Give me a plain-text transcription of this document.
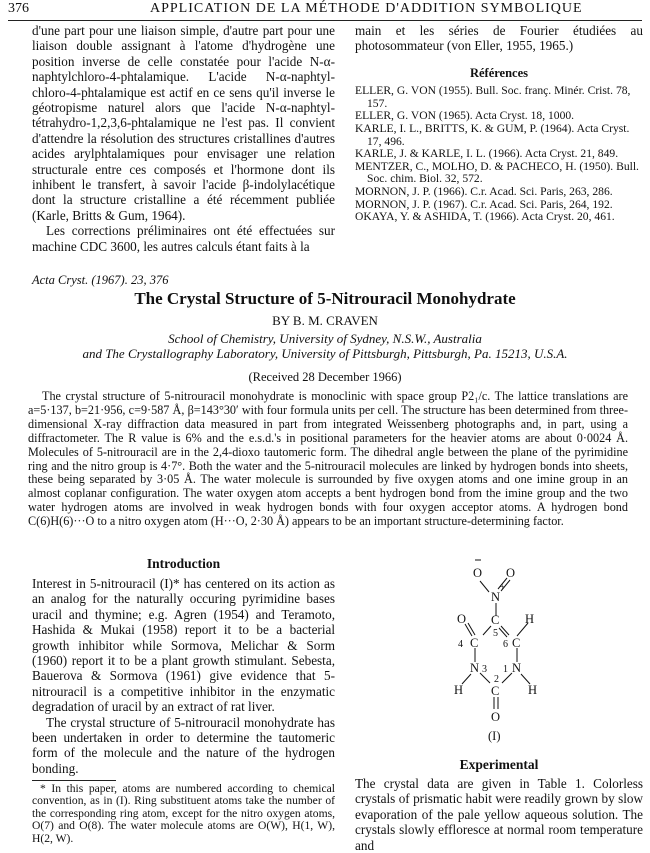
376	APPLICATION DE LA MÉTHODE D'ADDITION SYMBOLIQUE

d'une part pour une liaison simple, d'autre part pour une liaison double assignant à l'atome d'hydrogène une position inverse de celle constatée pour l'acide N-α-naphtylchloro-4-phtalamique. L'acide N-α-naphtyl-chloro-4-phtalamique est actif en ce sens qu'il inverse le géotropisme naturel alors que l'acide N-α-naphtyl-tétrahydro-1,2,3,6-phtalamique ne l'est pas. Il convient d'attendre la résolution des structures cristallines d'autres acides arylphtalamiques pour envisager une relation structurale entre ces composés et l'hormone dont ils inhibent le transfert, à savoir l'acide β-indolylacétique dont la structure cristalline a été récemment publiée (Karle, Britts & Gum, 1964).

Les corrections préliminaires ont été effectuées sur machine CDC 3600, les autres calculs étant faits à la

main et les séries de Fourier étudiées au photosommateur (von Eller, 1955, 1965.)

Références

ELLER, G. VON (1955). Bull. Soc. franç. Minér. Crist. 78, 157.

ELLER, G. VON (1965). Acta Cryst. 18, 1000.

KARLE, I. L., BRITTS, K. & GUM, P. (1964). Acta Cryst. 17, 496.

KARLE, J. & KARLE, I. L. (1966). Acta Cryst. 21, 849.

MENTZER, C., MOLHO, D. & PACHECO, H. (1950). Bull. Soc. chim. Biol. 32, 572.

MORNON, J. P. (1966). C.r. Acad. Sci. Paris, 263, 286.

MORNON, J. P. (1967). C.r. Acad. Sci. Paris, 264, 192.

OKAYA, Y. & ASHIDA, T. (1966). Acta Cryst. 20, 461.

Acta Cryst. (1967). 23, 376
The Crystal Structure of 5-Nitrouracil Monohydrate
BY B. M. CRAVEN
School of Chemistry, University of Sydney, N.S.W., Australia
and The Crystallography Laboratory, University of Pittsburgh, Pittsburgh, Pa. 15213, U.S.A.
(Received 28 December 1966)

The crystal structure of 5-nitrouracil monohydrate is monoclinic with space group P2₁/c. The lattice translations are a=5·137, b=21·956, c=9·587 Å, β=143°30′ with four formula units per cell. The structure has been determined from three-dimensional X-ray diffraction data measured in part from integrated Weissenberg photographs and, in part, using a diffractometer. The R value is 6% and the e.s.d.'s in positional parameters for the heavier atoms are about 0·0024 Å. Molecules of 5-nitrouracil are in the 2,4-dioxo tautomeric form. The dihedral angle between the plane of the pyrimidine ring and the nitro group is 4·7°. Both the water and the 5-nitrouracil molecules are linked by hydrogen bonds into sheets, these being separated by 3·05 Å. The water molecule is surrounded by five oxygen atoms and one imine group in an almost coplanar configuration. The water oxygen atom accepts a bent hydrogen bond from the imine group and the two water hydrogen atoms are involved in weak hydrogen bonds with four oxygen acceptor atoms. A hydrogen bond C(6)H(6)···O to a nitro oxygen atom (H···O, 2·30 Å) appears to be an important structure-determining factor.

Introduction

Interest in 5-nitrouracil (I)* has centered on its action as an analog for the naturally occuring pyrimidine bases uracil and thymine; e.g. Agren (1954) and Teramoto, Hashida & Mukai (1958) report it to be a bacterial growth inhibitor while Sormova, Melichar & Sorm (1960) report it to be a plant growth stimulant. Sebesta, Bauerova & Sormova (1961) give evidence that 5-nitrouracil is a competitive inhibitor in the enzymatic degradation of uracil by an extract of rat liver.

The crystal structure of 5-nitrouracil monohydrate has been undertaken in order to determine the tautomeric form of the molecule and the nature of the hydrogen bonding.

* In this paper, atoms are numbered according to chemical convention, as in (I). Ring substituent atoms take the number of the corresponding ring atom, except for the nitro oxygen atoms, O(7) and O(8). The water molecule atoms are O(W), H(1, W), H(2, W).

O O
+
N
C
5
O	H
C
4	C
6
N 3 N
1
H	H
C
2
O
(I)
Experimental

The crystal data are given in Table 1. Colorless crystals of prismatic habit were readily grown by slow evaporation of the pale yellow aqueous solution. The crystals slowly effloresce at normal room temperature and
